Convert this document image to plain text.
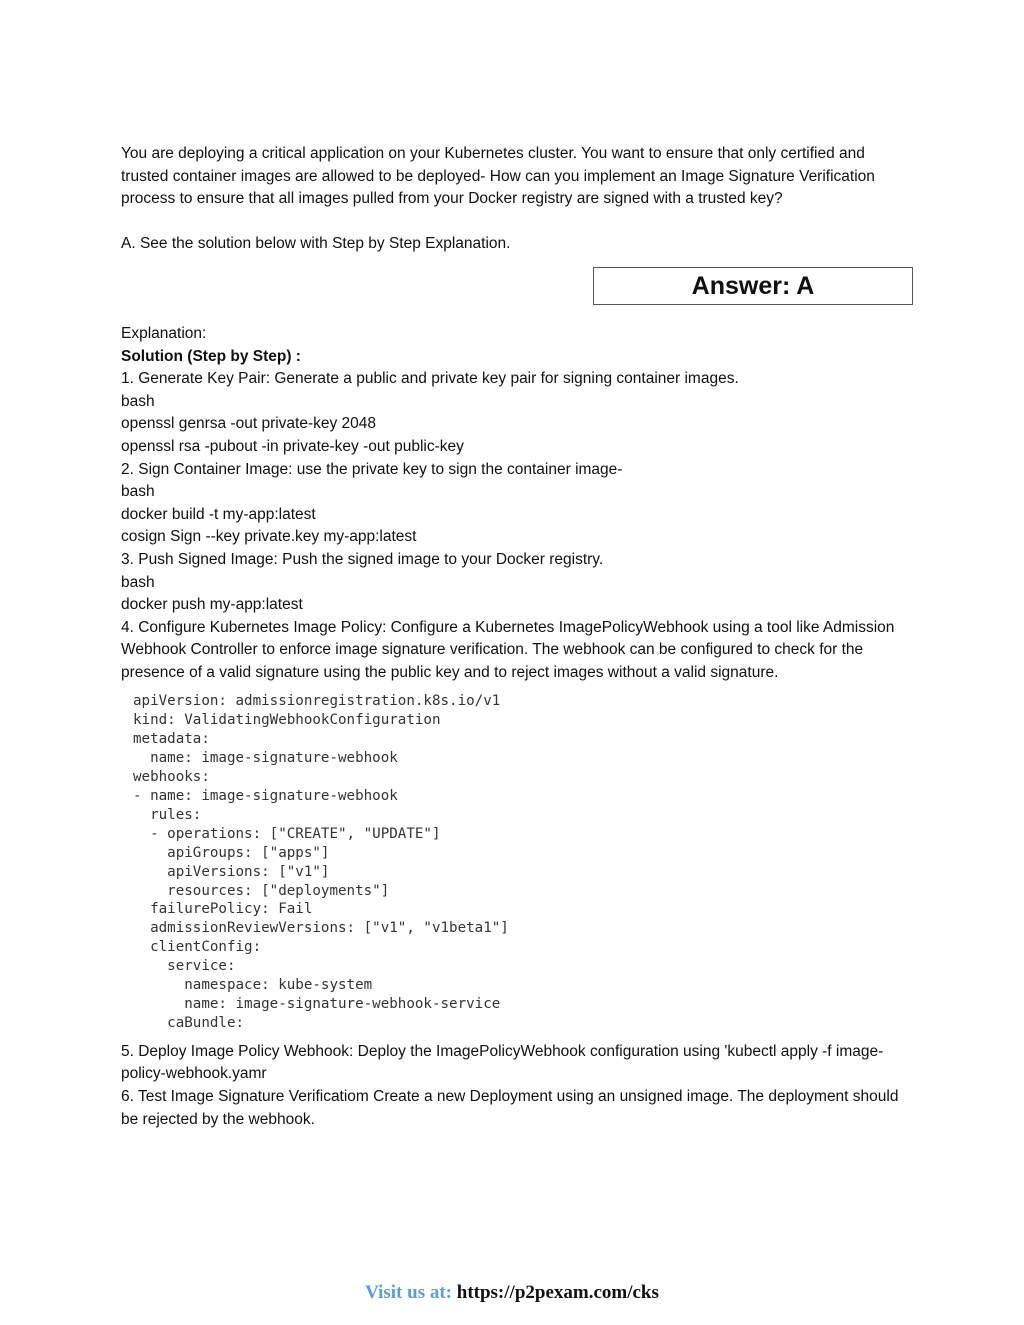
You are deploying a critical application on your Kubernetes cluster. You want to ensure that only certified and trusted container images are allowed to be deployed- How can you implement an Image Signature Verification process to ensure that all images pulled from your Docker registry are signed with a trusted key?

A. See the solution below with Step by Step Explanation.

Answer: A
Explanation:
Solution (Step by Step) :
1. Generate Key Pair: Generate a public and private key pair for signing container images.
bash
openssl genrsa -out private-key 2048
openssl rsa -pubout -in private-key -out public-key
2. Sign Container Image: use the private key to sign the container image-
bash
docker build -t my-app:latest
cosign Sign --key private.key my-app:latest
3. Push Signed Image: Push the signed image to your Docker registry.
bash
docker push my-app:latest

4. Configure Kubernetes Image Policy: Configure a Kubernetes ImagePolicyWebhook using a tool like Admission Webhook Controller to enforce image signature verification. The webhook can be configured to check for the presence of a valid signature using the public key and to reject images without a valid signature.

apiVersion: admissionregistration.k8s.io/v1
kind: ValidatingWebhookConfiguration
metadata:
name: image-signature-webhook
webhooks:
- name: image-signature-webhook
rules:
- operations: ["CREATE", "UPDATE"]
apiGroups: ["apps"]
apiVersions: ["v1"]
resources: ["deployments"]
failurePolicy: Fail
admissionReviewVersions: ["v1", "v1beta1"]
clientConfig:
service:
namespace: kube-system
name: image-signature-webhook-service
caBundle:

5. Deploy Image Policy Webhook: Deploy the ImagePolicyWebhook configuration using 'kubectl apply -f image-policy-webhook.yamr

6. Test Image Signature Verificatiom Create a new Deployment using an unsigned image. The deployment should be rejected by the webhook.

Visit us at: https://p2pexam.com/cks
